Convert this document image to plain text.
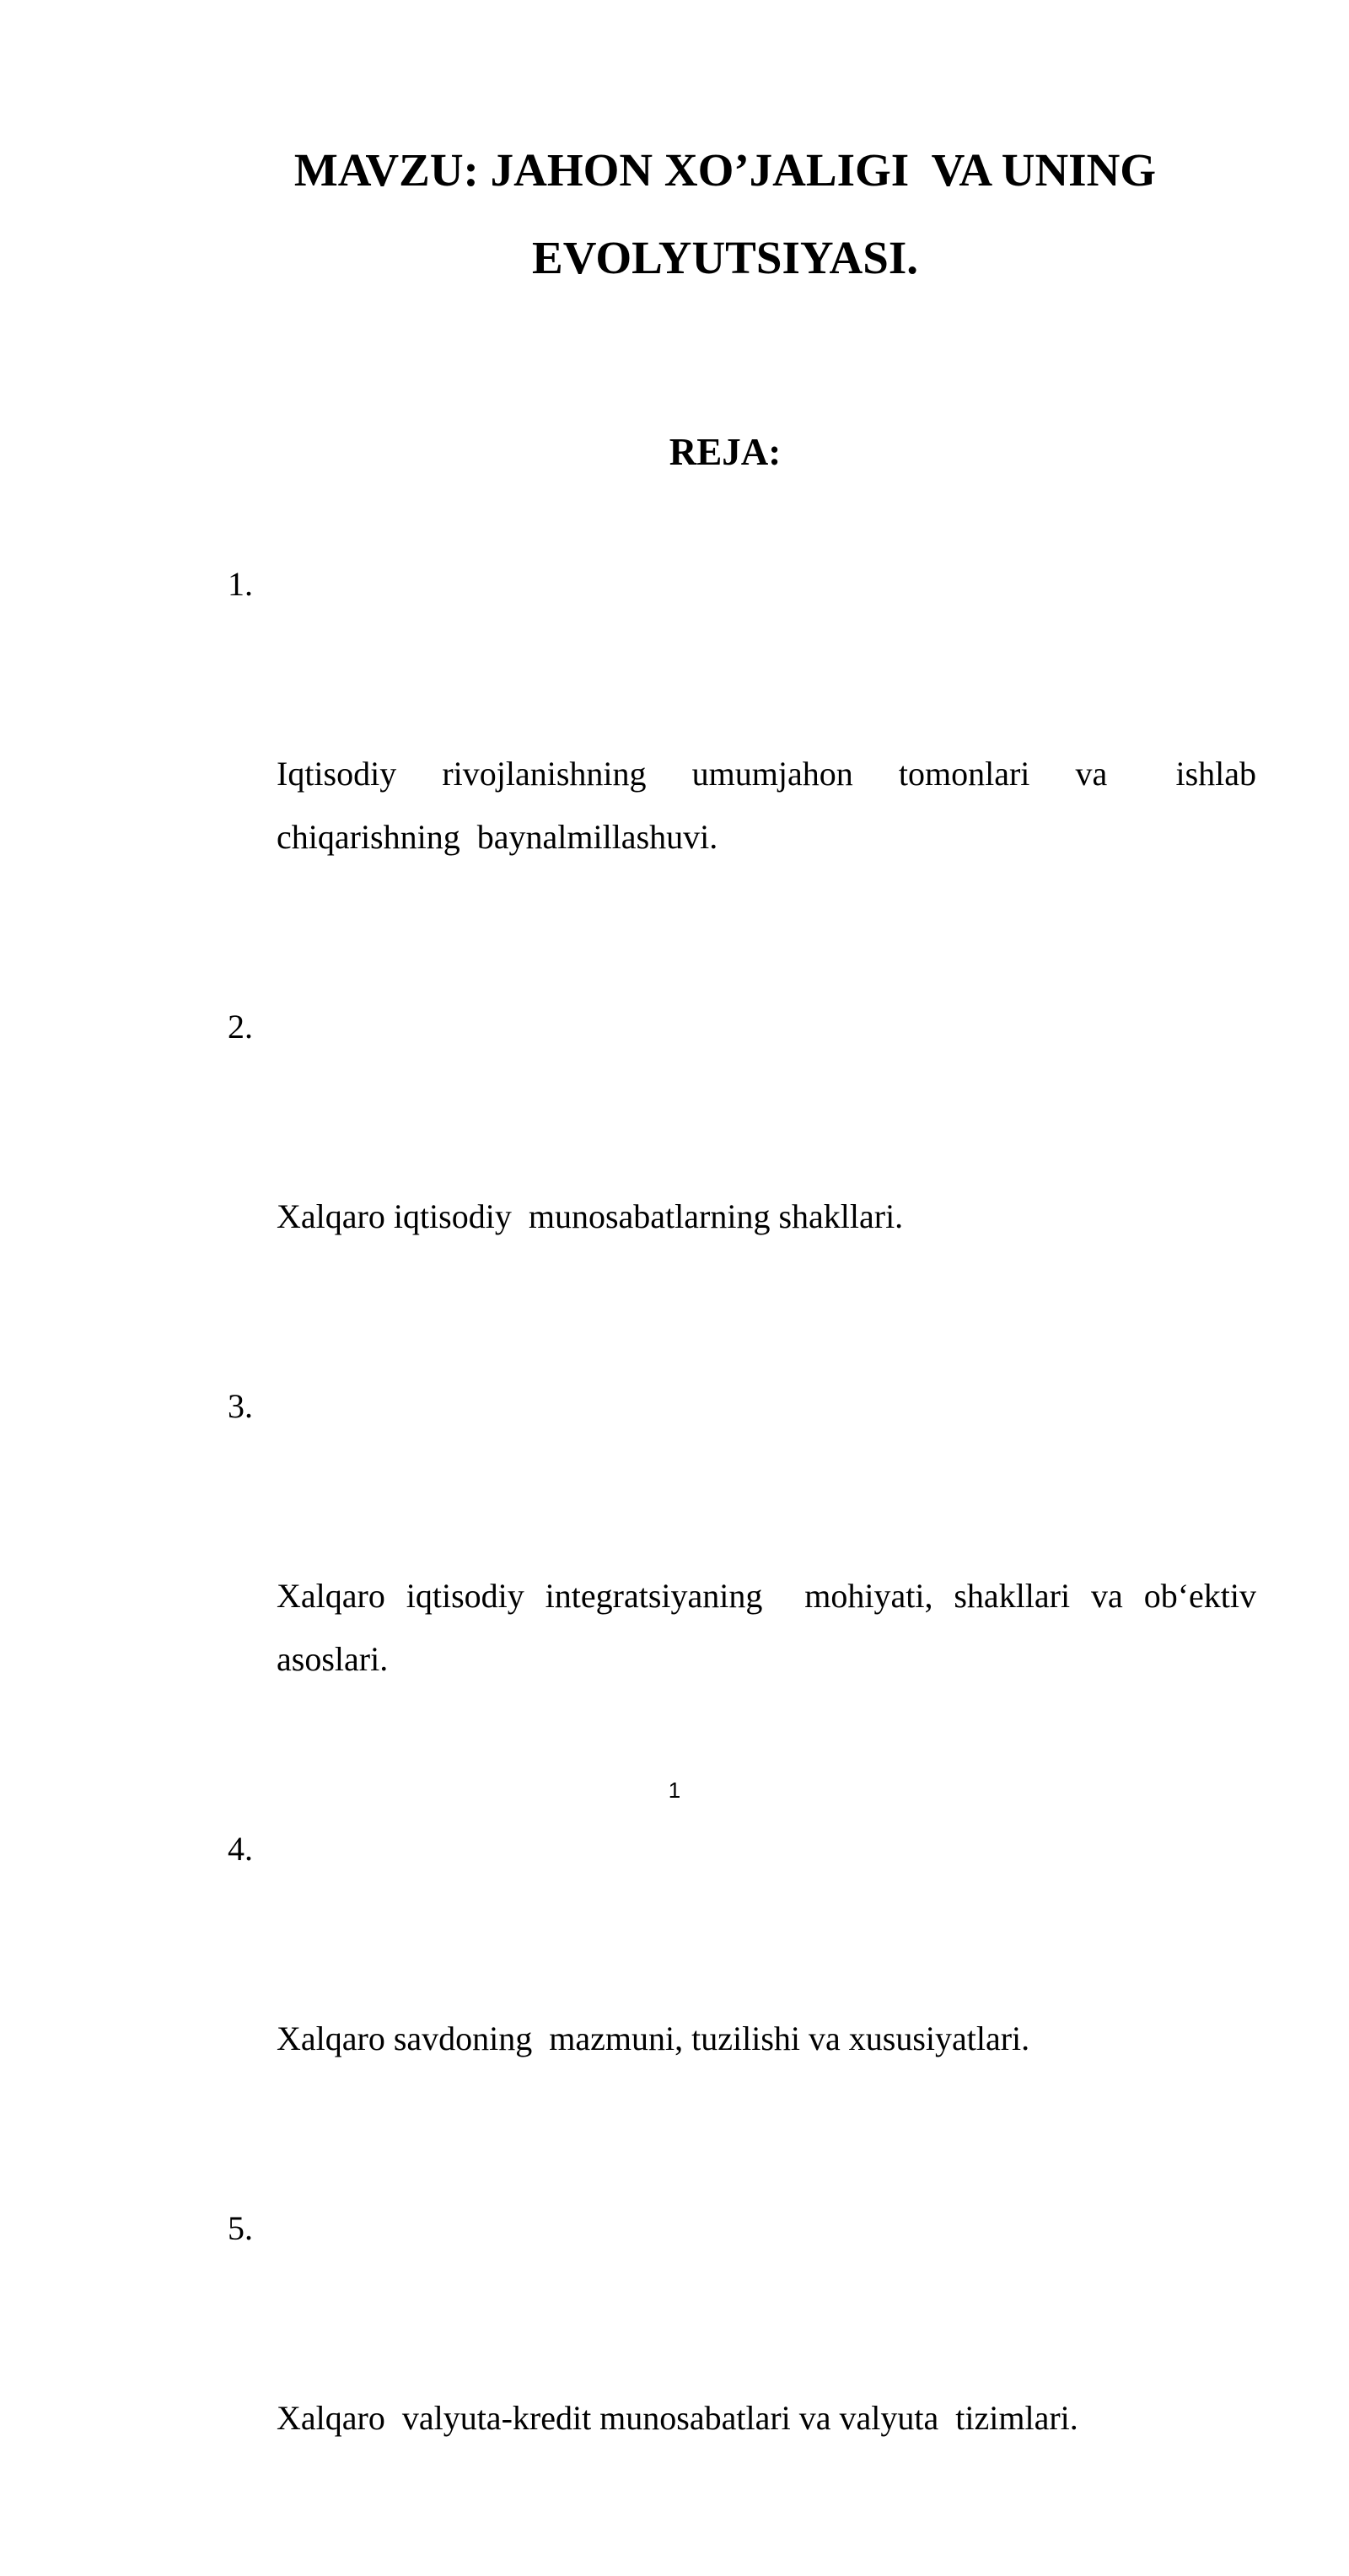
MAVZU: JAHON XO’JALIGI  VA UNING
EVOLYUTSIYASI.
REJA:

1.

Iqtisodiy  rivojlanishning  umumjahon  tomonlari  va   ishlab chiqarishning  baynalmillashuvi.

2.

Xalqaro iqtisodiy  munosabatlarning shakllari.

3.

Xalqaro iqtisodiy integratsiyaning  mohiyati, shakllari va ob‘ektiv asoslari.

4.

Xalqaro savdoning  mazmuni, tuzilishi va xususiyatlari.

5.

Xalqaro  valyuta-kredit munosabatlari va valyuta  tizimlari.

1
